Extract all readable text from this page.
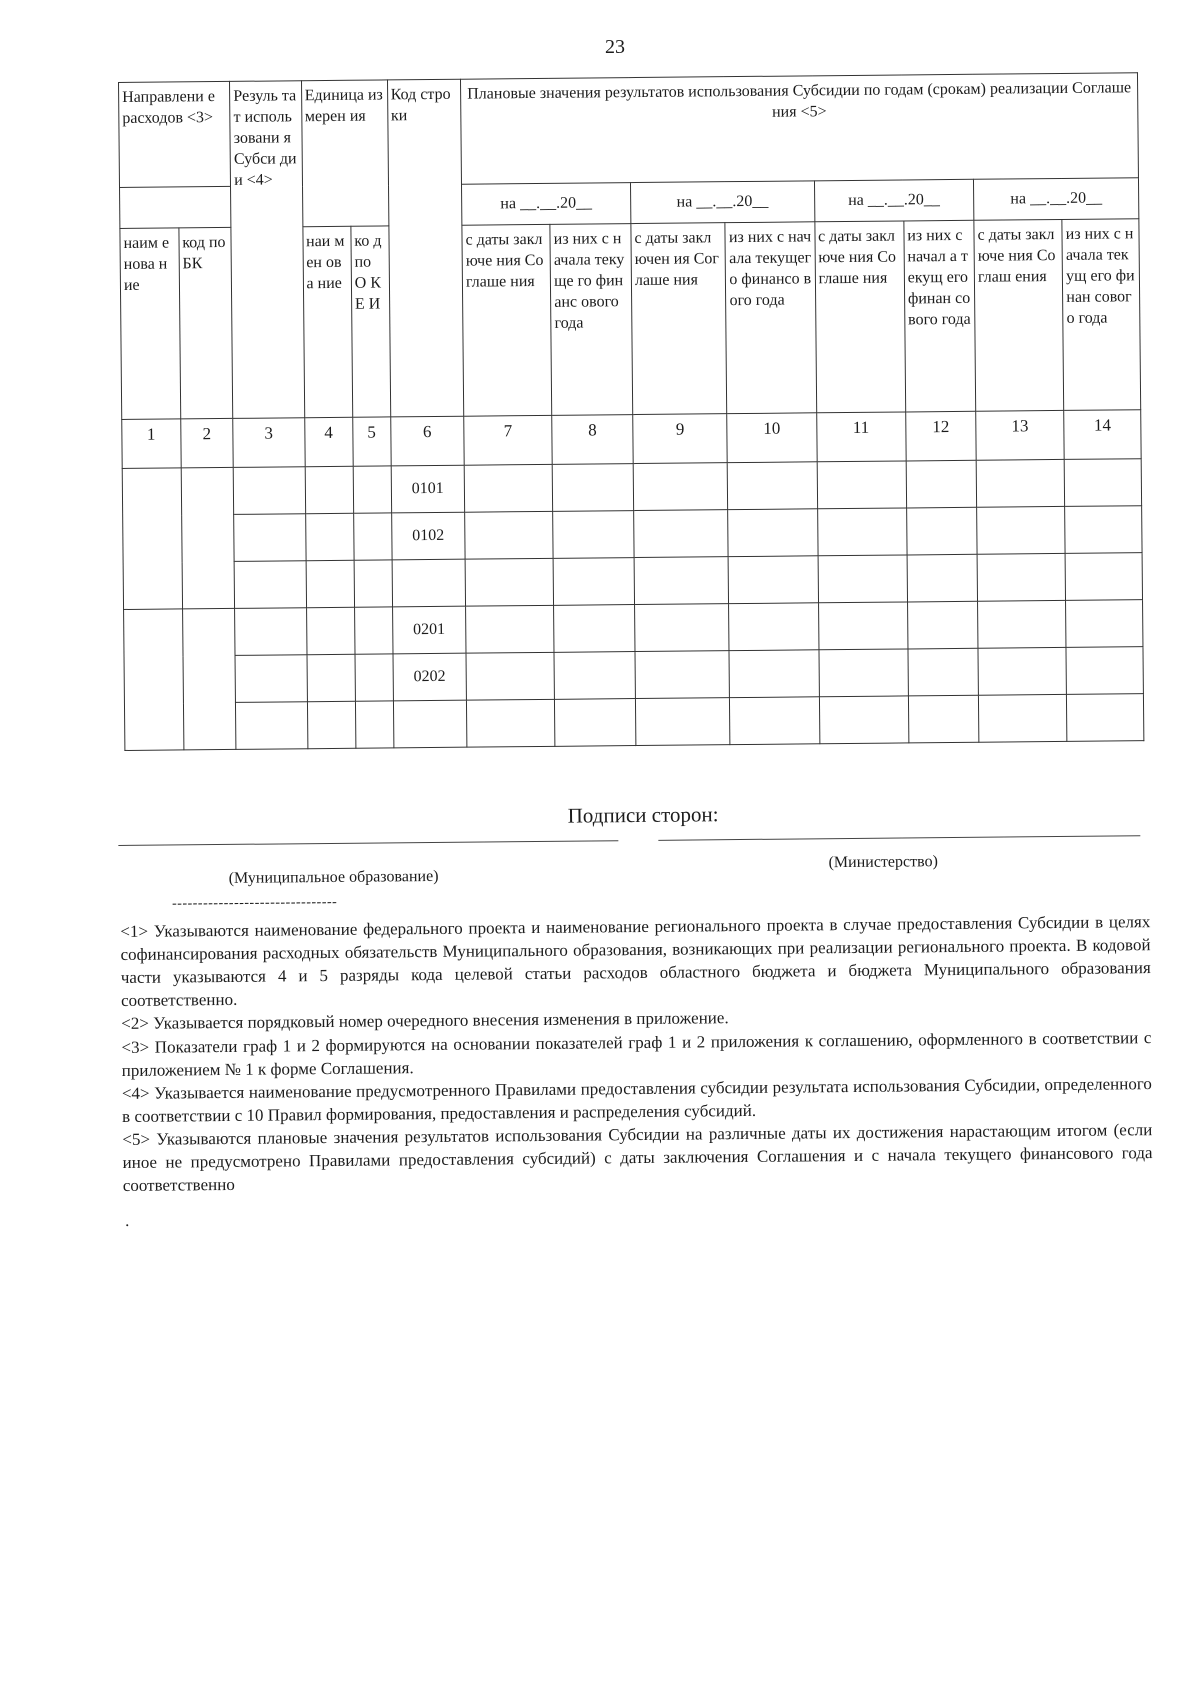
23
Направлени е расходов <3>		Резуль тат исполь зовани я Субси дии <4>	Единица измерен ия		Код строки	Плановые значения результатов использования Субсидии по годам (срокам) реализации Соглашения <5>							
						на __.__.20__		на __.__.20__		на __.__.20__		на __.__.20__	
наим енова ние	код по БК		наи мен ова ние	ко д по О КЕ И		с даты заключе ния Соглаше ния	из них с начала текуще го финанс ового года	с даты заключен ия Соглаше ния	из них с начала текущег о финансо вого года	с даты заключе ния Соглаше ния	из них с начал а текущ его финан сового года	с даты заключе ния Соглаш ения	из них с начала текущ его финан сового года

1	2	3	4	5	6	7	8	9	10	11	12	13	14
					0101								
					0102								

					0201								
					0202								

Подписи сторон:
(Муниципальное образование)
(Министерство)
--------------------------------

<1> Указываются наименование федерального проекта и наименование регионального проекта в случае предоставления Субсидии в целях софинансирования расходных обязательств Муниципального образования, возникающих при реализации регионального проекта. В кодовой части указываются 4 и 5 разряды кода целевой статьи расходов областного бюджета и бюджета Муниципального образования соответственно.

<2> Указывается порядковый номер очередного внесения изменения в приложение.

<3> Показатели граф 1 и 2 формируются на основании показателей граф 1 и 2 приложения к соглашению, оформленного в соответствии с приложением № 1 к форме Соглашения.

<4> Указывается наименование предусмотренного Правилами предоставления субсидии результата использования Субсидии, определенного в соответствии с 10 Правил формирования, предоставления и распределения субсидий.

<5> Указываются плановые значения результатов использования Субсидии на различные даты их достижения нарастающим итогом (если иное не предусмотрено Правилами предоставления субсидий) с даты заключения Соглашения и с начала текущего финансового года соответственно

.
